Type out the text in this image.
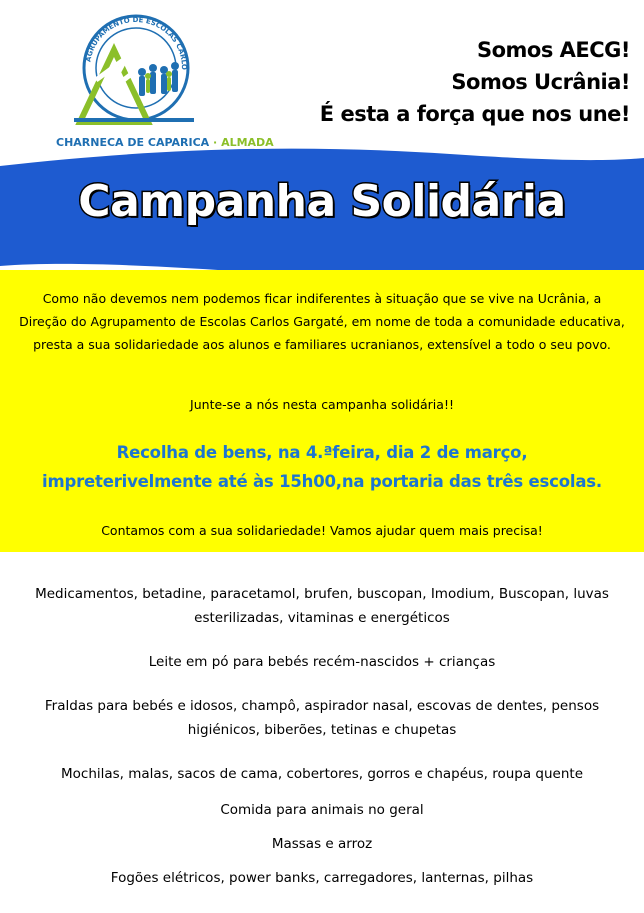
AGRUPAMENTO DE ESCOLAS CARLO
CHARNECA DE CAPARICA · ALMADA
Somos AECG!
Somos Ucrânia!
É esta a força que nos une!
Campanha Solidária
Como não devemos nem podemos ficar indiferentes à situação que se vive na Ucrânia, a Direção do Agrupamento de Escolas Carlos Gargaté, em nome de toda a comunidade educativa, presta a sua solidariedade aos alunos e familiares ucranianos, extensível a todo o seu povo.
Junte-se a nós nesta campanha solidária!!
Recolha de bens, na 4.ªfeira, dia 2 de março,
impreterivelmente até às 15h00,na portaria das três escolas.
Contamos com a sua solidariedade! Vamos ajudar quem mais precisa!
Medicamentos, betadine, paracetamol, brufen, buscopan, Imodium, Buscopan, luvas esterilizadas, vitaminas e energéticos
Leite em pó para bebés recém-nascidos + crianças
Fraldas para bebés e idosos, champô, aspirador nasal, escovas de dentes, pensos higiénicos, biberões, tetinas e chupetas
Mochilas, malas, sacos de cama, cobertores, gorros e chapéus, roupa quente
Comida para animais no geral
Massas e arroz
Fogões elétricos, power banks, carregadores, lanternas, pilhas
